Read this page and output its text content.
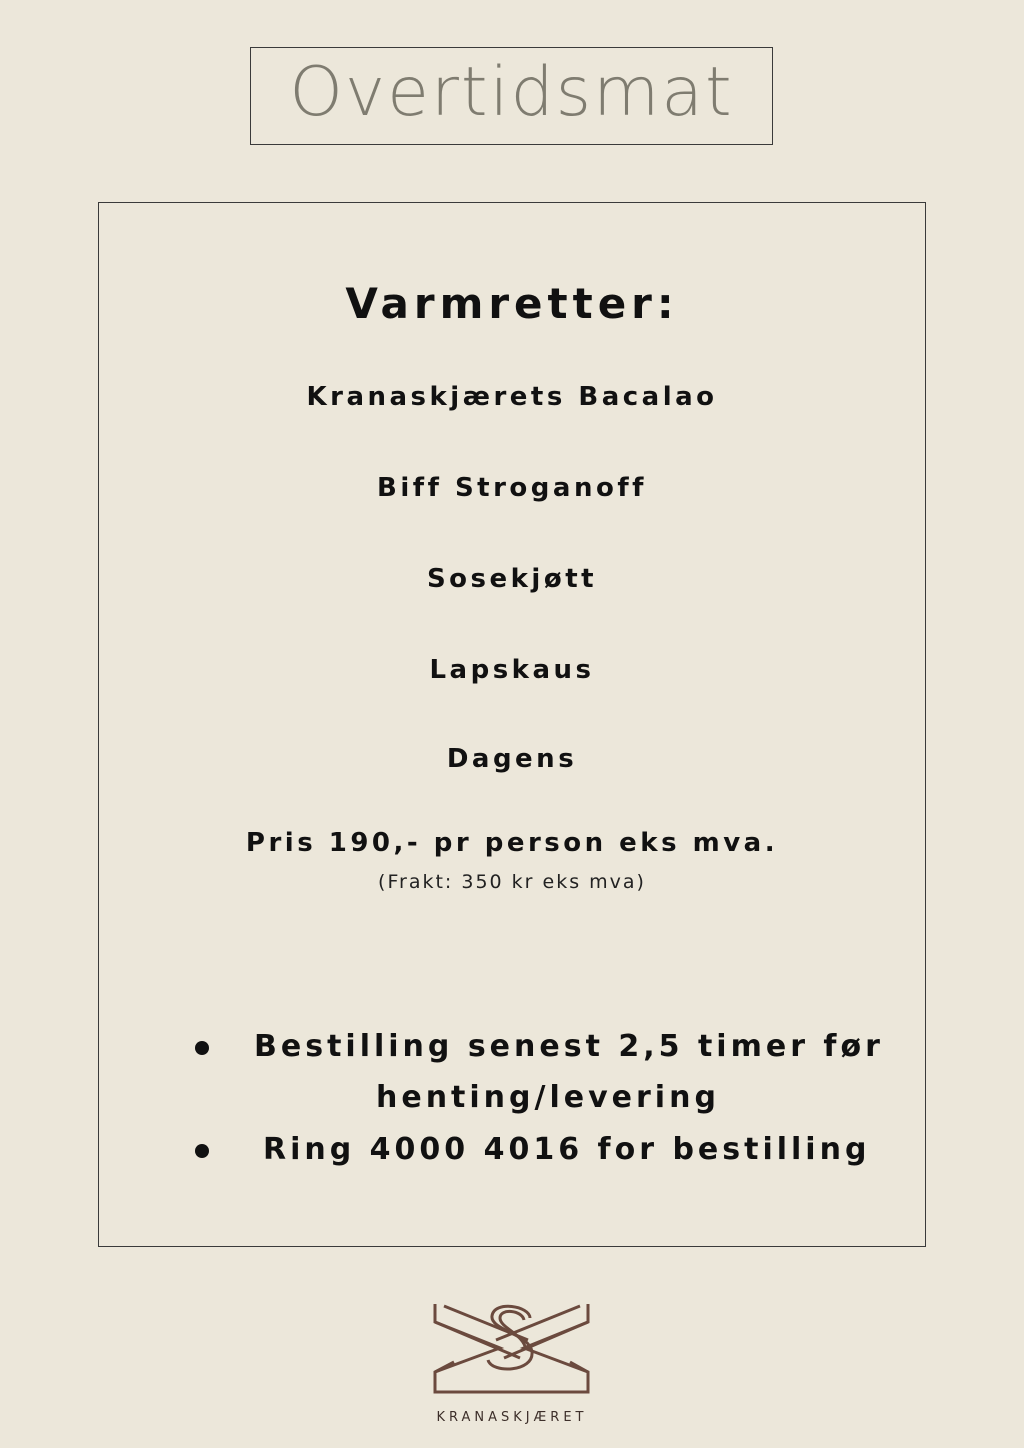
Overtidsmat
Varmretter:
Kranaskjærets Bacalao
Biff Stroganoff
Sosekjøtt
Lapskaus
Dagens
Pris 190,- pr person eks mva.
(Frakt: 350 kr eks mva)
Bestilling senest 2,5 timer før
henting/levering
Ring 4000 4016 for bestilling
KRANASKJÆRET
